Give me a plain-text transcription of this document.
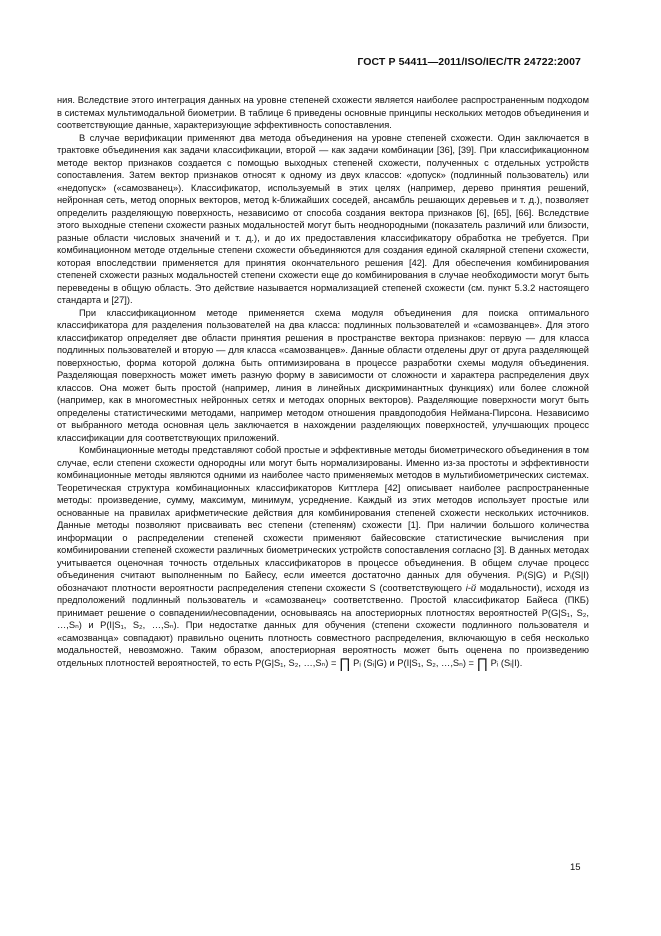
ГОСТ Р 54411—2011/ISO/IEC/TR 24722:2007

ния. Вследствие этого интеграция данных на уровне степеней схожести является наиболее распространенным подходом в системах мультимодальной биометрии. В таблице 6 приведены основные принципы нескольких методов объединения и соответствующие данные, характеризующие эффективность сопоставления.

В случае верификации применяют два метода объединения на уровне степеней схожести. Один заключается в трактовке объединения как задачи классификации, второй — как задачи комбинации [36], [39]. При классификационном методе вектор признаков создается с помощью выходных степеней схожести, полученных с отдельных устройств сопоставления. Затем вектор признаков относят к одному из двух классов: «допуск» (подлинный пользователь) или «недопуск» («самозванец»). Классификатор, используемый в этих целях (например, дерево принятия решений, нейронная сеть, метод опорных векторов, метод k-ближайших соседей, ансамбль решающих деревьев и т. д.), позволяет определить разделяющую поверхность, независимо от способа создания вектора признаков [6], [65], [66]. Вследствие этого выходные степени схожести разных модальностей могут быть неоднородными (показатель различий или близости, разные области числовых значений и т. д.), и до их предоставления классификатору обработка не требуется. При комбинационном методе отдельные степени схожести объединяются для создания единой скалярной степени схожести, которая впоследствии применяется для принятия окончательного решения [42]. Для обеспечения комбинирования степеней схожести разных модальностей степени схожести еще до комбинирования в случае необходимости могут быть переведены в общую область. Это действие называется нормализацией степеней схожести (см. пункт 5.3.2 настоящего стандарта и [27]).

При классификационном методе применяется схема модуля объединения для поиска оптимального классификатора для разделения пользователей на два класса: подлинных пользователей и «самозванцев». Для этого классификатор определяет две области принятия решения в пространстве вектора признаков: первую — для класса подлинных пользователей и вторую — для класса «самозванцев». Данные области отделены друг от друга разделяющей поверхностью, форма которой должна быть оптимизирована в процессе разработки схемы модуля объединения. Разделяющая поверхность может иметь разную форму в зависимости от сложности и характера распределения двух классов. Она может быть простой (например, линия в линейных дискриминантных функциях) или более сложной (например, как в многоместных нейронных сетях и методах опорных векторов). Разделяющие поверхности могут быть определены статистическими методами, например методом отношения правдоподобия Неймана-Пирсона. Независимо от выбранного метода основная цель заключается в нахождении разделяющих поверхностей, улучшающих процесс классификации для соответствующих приложений.

Комбинационные методы представляют собой простые и эффективные методы биометрического объединения в том случае, если степени схожести однородны или могут быть нормализированы. Именно из-за простоты и эффективности комбинационные методы являются одними из наиболее часто применяемых методов в мультибиометрических системах. Теоретическая структура комбинационных классификаторов Киттлера [42] описывает наиболее распространенные методы: произведение, сумму, максимум, минимум, усреднение. Каждый из этих методов использует простые или основанные на правилах арифметические действия для комбинирования степеней схожести нескольких источников. Данные методы позволяют присваивать вес степени (степеням) схожести [1]. При наличии большого количества информации о распределении степеней схожести применяют байесовские статистические вычисления при комбинировании степеней схожести различных биометрических устройств сопоставления согласно [3]. В данных методах учитывается оценочная точность отдельных классификаторов в процессе объединения. В общем случае процесс объединения считают выполненным по Байесу, если имеется достаточно данных для обучения. Pᵢ(S|G) и Pᵢ(S|I) обозначают плотности вероятности распределения степени схожести S (соответствующего i-й модальности), исходя из предположений подлинный пользователь и «самозванец» соответственно. Простой классификатор Байеса (ПКБ) принимает решение о совпадении/несовпадении, основываясь на апостериорных плотностях вероятностей P(G|S₁, S₂, …,Sₙ) и P(I|S₁, S₂, …,Sₙ). При недостатке данных для обучения (степени схожести подлинного пользователя и «самозванца» совпадают) правильно оценить плотность совместного распределения, включающую в себя несколько модальностей, невозможно. Таким образом, апостериорная вероятность может быть оценена по произведению отдельных плотностей вероятностей, то есть P(G|S₁, S₂, …,Sₙ) = ∏ Pᵢ (Sᵢ|G) и P(I|S₁, S₂, …,Sₙ) = ∏ Pᵢ (Sᵢ|I).

15
